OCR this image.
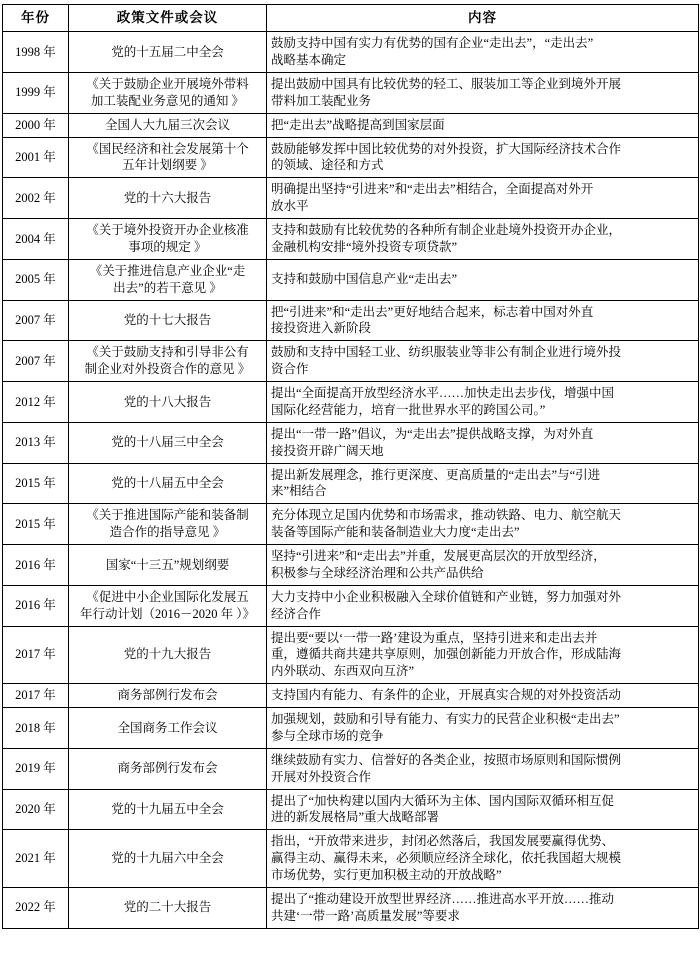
年份	政策文件或会议	内容
1998 年	党的十五届二中全会	鼓励支持中国有实力有优势的国有企业“走出去”，“走出去”
战略基本确定

1999 年	《关于鼓励企业开展境外带料
加工装配业务意见的通知 》	提出鼓励中国具有比较优势的轻工、服装加工等企业到境外开展
带料加工装配业务

2000 年	全国人大九届三次会议	把“走出去”战略提高到国家层面

2001 年	《国民经济和社会发展第十个
五年计划纲要 》	鼓励能够发挥中国比较优势的对外投资，扩大国际经济技术合作
的领域、途径和方式

2002 年	党的十六大报告	明确提出坚持“引进来”和“走出去”相结合，全面提高对外开
放水平

2004 年	《关于境外投资开办企业核准
事项的规定 》	支持和鼓励有比较优势的各种所有制企业赴境外投资开办企业，
金融机构安排“境外投资专项贷款”

2005 年	《关于推进信息产业企业“走
出去”的若干意见 》	支持和鼓励中国信息产业“走出去”

2007 年	党的十七大报告	把“引进来”和“走出去”更好地结合起来，标志着中国对外直
接投资进入新阶段

2007 年	《关于鼓励支持和引导非公有
制企业对外投资合作的意见 》	鼓励和支持中国轻工业、纺织服装业等非公有制企业进行境外投
资合作

2012 年	党的十八大报告	提出“全面提高开放型经济水平……加快走出去步伐，增强中国
国际化经营能力，培育一批世界水平的跨国公司。”

2013 年	党的十八届三中全会	提出“一带一路”倡议，为“走出去”提供战略支撑，为对外直
接投资开辟广阔天地

2015 年	党的十八届五中全会	提出新发展理念，推行更深度、更高质量的“走出去”与“引进
来”相结合

2015 年	《关于推进国际产能和装备制
造合作的指导意见 》	充分体现立足国内优势和市场需求，推动铁路、电力、航空航天
装备等国际产能和装备制造业大力度“走出去”

2016 年	国家“十三五”规划纲要	坚持“引进来”和“走出去”并重，发展更高层次的开放型经济，
积极参与全球经济治理和公共产品供给

2016 年	《促进中小企业国际化发展五
年行动计划（2016－2020 年 ）》	大力支持中小企业积极融入全球价值链和产业链，努力加强对外
经济合作

2017 年	党的十九大报告	提出要“要以‘一带一路’建设为重点，坚持引进来和走出去并
重，遵循共商共建共享原则，加强创新能力开放合作，形成陆海
内外联动、东西双向互济”

2017 年	商务部例行发布会	支持国内有能力、有条件的企业，开展真实合规的对外投资活动

2018 年	全国商务工作会议	加强规划，鼓励和引导有能力、有实力的民营企业积极“走出去”
参与全球市场的竞争

2019 年	商务部例行发布会	继续鼓励有实力、信誉好的各类企业，按照市场原则和国际惯例
开展对外投资合作

2020 年	党的十九届五中全会	提出了“加快构建以国内大循环为主体、国内国际双循环相互促
进的新发展格局”重大战略部署

2021 年	党的十九届六中全会	指出，“开放带来进步，封闭必然落后，我国发展要赢得优势、
赢得主动、赢得未来，必须顺应经济全球化，依托我国超大规模
市场优势，实行更加积极主动的开放战略”

2022 年	党的二十大报告	提出了“推动建设开放型世界经济……推进高水平开放……推动
共建‘一带一路’高质量发展”等要求
